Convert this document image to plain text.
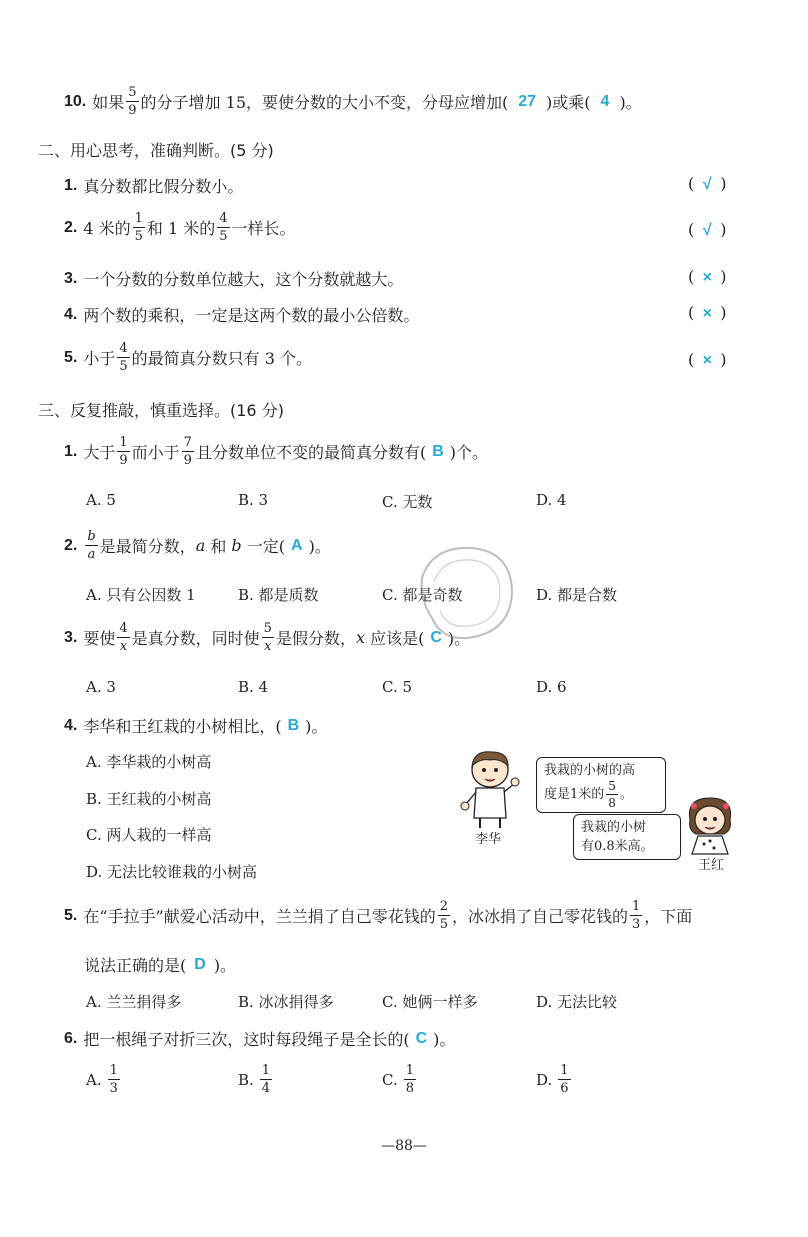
10. 如果 $\frac{5}{9}$ 的分子增加 15，要使分数的大小不变，分母应增加( 27 )或乘( 4 )。
二、用心思考，准确判断。(5 分)
1. 真分数都比假分数小。	( √ )
2. 4 米的 $\frac{1}{5}$ 和 1 米的 $\frac{4}{5}$ 一样长。	( √ )
3. 一个分数的分数单位越大，这个分数就越大。	( × )
4. 两个数的乘积，一定是这两个数的最小公倍数。	( × )
5. 小于 $\frac{4}{5}$ 的最简真分数只有 3 个。	( × )
三、反复推敲，慎重选择。(16 分)
1. 大于 $\frac{1}{9}$ 而小于 $\frac{7}{9}$ 且分数单位不变的最简真分数有( B )个。
A. 5	B. 3	C. 无数	D. 4
2. $\frac{b}{a}$ 是最简分数， a 和 b 一定( A )。
A. 只有公因数 1	B. 都是质数	C. 都是奇数	D. 都是合数
3. 要使 $\frac{4}{x}$ 是真分数，同时使 $\frac{5}{x}$ 是假分数， x 应该是( C )。
A. 3	B. 4	C. 5	D. 6
4. 李华和王红栽的小树相比，( B )。
A. 李华栽的小树高
B. 王红栽的小树高
C. 两人栽的一样高
D. 无法比较谁栽的小树高
李华
我栽的小树的高
度是1米的 $\frac{5}{8}$ 。
我栽的小树
有0.8米高。
王红
5. 在“手拉手”献爱心活动中，兰兰捐了自己零花钱的 $\frac{2}{5}$ ，冰冰捐了自己零花钱的 $\frac{1}{3}$ ，下面
说法正确的是( D )。
A. 兰兰捐得多	B. 冰冰捐得多	C. 她俩一样多	D. 无法比较
6. 把一根绳子对折三次，这时每段绳子是全长的( C )。
A. $\frac{1}{3}$	B. $\frac{1}{4}$	C. $\frac{1}{8}$	D. $\frac{1}{6}$
—88—
